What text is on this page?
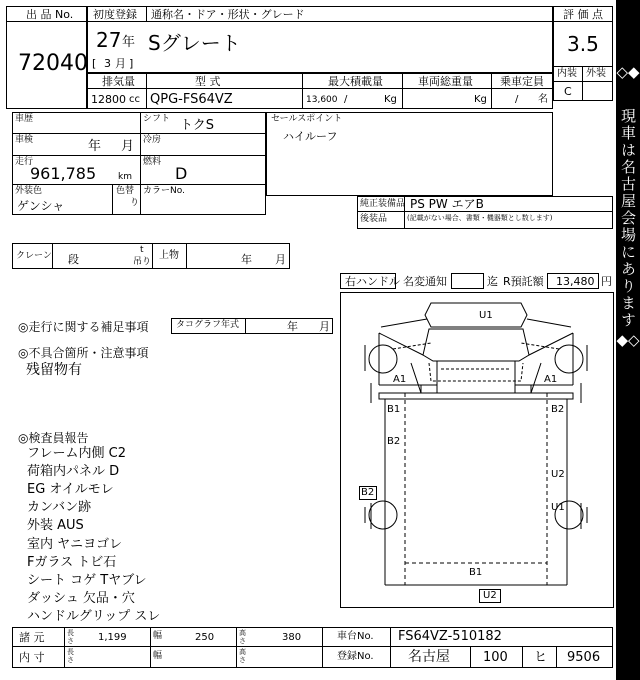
出 品 No.
72040
初度登録 通称名・ドア・形状・グレード
27 年
[ 3 月 ]
Sグレート
評 価 点
3.5
内装 外装
C
排気量	型 式	最大積載量	車両総重量 乗車定員
12800 cc QPG-FS64VZ	13,600 /	Kg	Kg	/ 名
車歴	シフト トクS
車検	年 月 冷房
走行
961,785 km
燃料
D
外装色
ゲンシャ
色替
り
カラーNo.
セールスポイント
ハイルーフ
純正装備品 PS PW エアB
後装品	(記載がない場合、書類・機器類とし数します)
クレーン 段
t
吊り
上物	年 月
右ハンドル 名変通知	迄 R預託額 13,480 円
◎走行に関する補足事項	タコグラフ年式	年 月
◎不具合箇所・注意事項
残留物有
◎検査員報告
フレーム内側 C2
荷箱内パネル D
EG オイルモレ
カンバン跡
外装 AUS
室内 ヤニヨゴレ
Fガラス トビ石
シート コゲ Tヤブレ
ダッシュ 欠品・穴
ハンドルグリップ スレ
U1
A1	A1
B1	B2
B2
U2
U1
B2
B1
U2
諸 元	長さ 1,199	幅	250	高さ	380	車台No. FS64VZ-510182
内 寸	長さ	幅	高さ	登録No. 名古屋	100 ヒ 9506
◇◆
現車は名古屋会場にあります
◆◇
